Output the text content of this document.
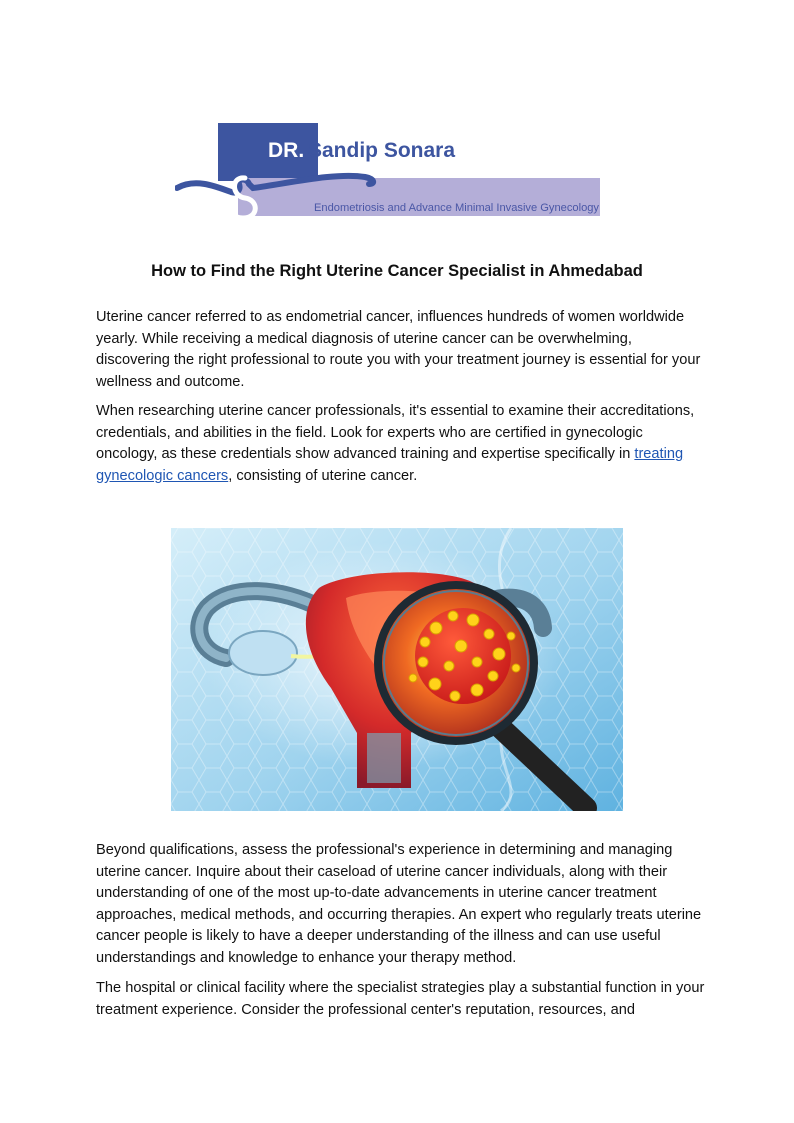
DR. Sandip Sonara
Endometriosis and Advance Minimal Invasive Gynecology
How to Find the Right Uterine Cancer Specialist in Ahmedabad

Uterine cancer referred to as endometrial cancer, influences hundreds of women worldwide yearly. While receiving a medical diagnosis of uterine cancer can be overwhelming, discovering the right professional to route you with your treatment journey is essential for your wellness and outcome.

When researching uterine cancer professionals, it's essential to examine their accreditations, credentials, and abilities in the field. Look for experts who are certified in gynecologic oncology, as these credentials show advanced training and expertise specifically in treating gynecologic cancers, consisting of uterine cancer.

Beyond qualifications, assess the professional's experience in determining and managing uterine cancer. Inquire about their caseload of uterine cancer individuals, along with their understanding of one of the most up-to-date advancements in uterine cancer treatment approaches, medical methods, and occurring therapies. An expert who regularly treats uterine cancer people is likely to have a deeper understanding of the illness and can use useful understandings and knowledge to enhance your therapy method.

The hospital or clinical facility where the specialist strategies play a substantial function in your treatment experience. Consider the professional center's reputation, resources, and
